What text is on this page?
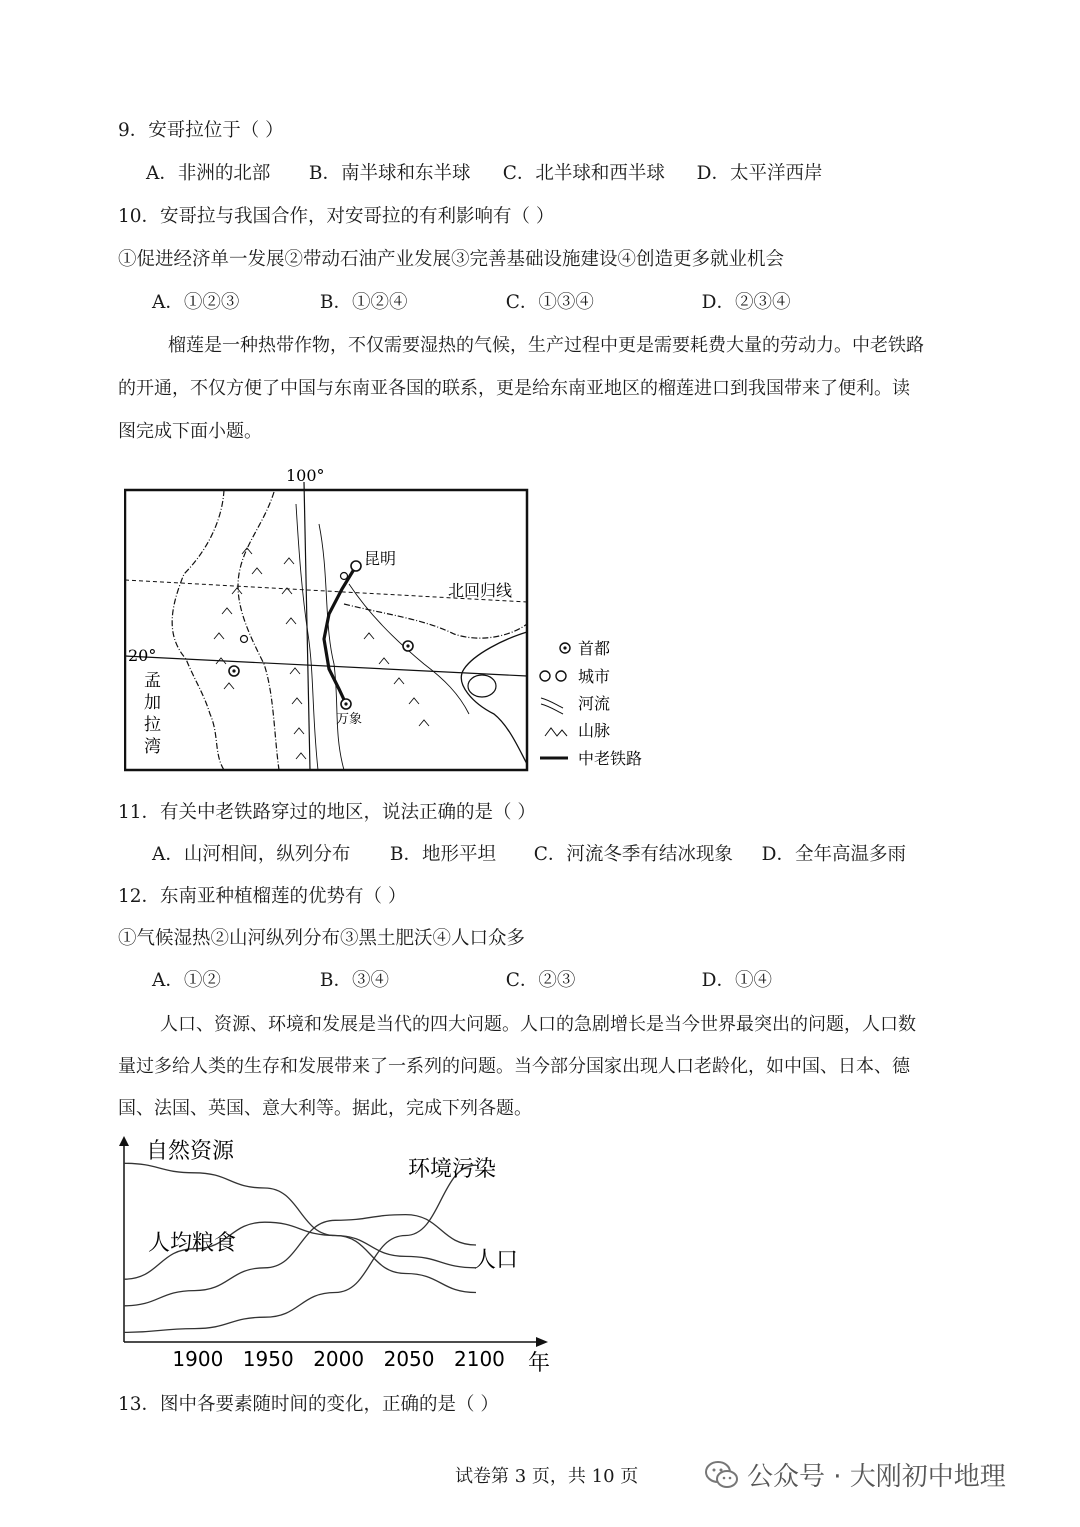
9．安哥拉位于（ ）
A．非洲的北部 B．南半球和东半球 C．北半球和西半球 D．太平洋西岸
10．安哥拉与我国合作，对安哥拉的有利影响有（ ）
①促进经济单一发展②带动石油产业发展③完善基础设施建设④创造更多就业机会
A．①②③	B．①②④	C．①③④	D．②③④
榴莲是一种热带作物，不仅需要湿热的气候，生产过程中更是需要耗费大量的劳动力。中老铁路
的开通，不仅方便了中国与东南亚各国的联系，更是给东南亚地区的榴莲进口到我国带来了便利。读
图完成下面小题。
100°
20°
北回归线
孟
加
拉
湾
昆明
万象
首都
城市
河流
山脉
中老铁路
11．有关中老铁路穿过的地区，说法正确的是（ ）
A．山河相间，纵列分布 B．地形平坦 C．河流冬季有结冰现象 D．全年高温多雨
12．东南亚种植榴莲的优势有（ ）
①气候湿热②山河纵列分布③黑土肥沃④人口众多
A．①②	B．③④	C．②③	D．①④
人口、资源、环境和发展是当代的四大问题。人口的急剧增长是当今世界最突出的问题，人口数
量过多给人类的生存和发展带来了一系列的问题。当今部分国家出现人口老龄化，如中国、日本、德
国、法国、英国、意大利等。据此，完成下列各题。
1900 1950 2000 2050 2100 年
自然资源
人均粮食
人口
环境污染
13．图中各要素随时间的变化，正确的是（ ）
试卷第 3 页，共 10 页	公众号 · 大刚初中地理
